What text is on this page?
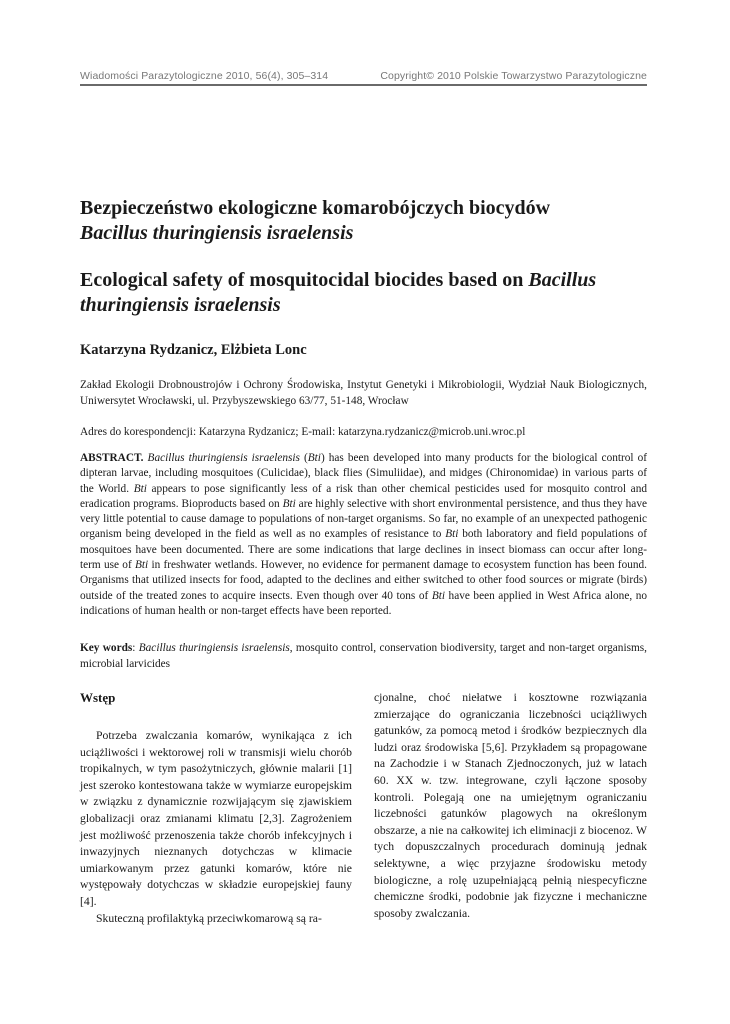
Wiadomości Parazytologiczne 2010, 56(4), 305–314	Copyright© 2010 Polskie Towarzystwo Parazytologiczne
Bezpieczeństwo ekologiczne komarobójczych biocydów
Bacillus thuringiensis israelensis
Ecological safety of mosquitocidal biocides based on Bacillus
thuringiensis israelensis
Katarzyna Rydzanicz, Elżbieta Lonc
Zakład Ekologii Drobnoustrojów i Ochrony Środowiska, Instytut Genetyki i Mikrobiologii, Wydział Nauk Biologicznych, Uniwersytet Wrocławski, ul. Przybyszewskiego 63/77, 51-148, Wrocław
Adres do korespondencji: Katarzyna Rydzanicz; E-mail: katarzyna.rydzanicz@microb.uni.wroc.pl
ABSTRACT. Bacillus thuringiensis israelensis (Bti) has been developed into many products for the biological control of dipteran larvae, including mosquitoes (Culicidae), black flies (Simuliidae), and midges (Chironomidae) in various parts of the World. Bti appears to pose significantly less of a risk than other chemical pesticides used for mosquito control and eradication programs. Bioproducts based on Bti are highly selective with short environmental persistence, and thus they have very little potential to cause damage to populations of non-target organisms. So far, no example of an unexpected pathogenic organism being developed in the field as well as no examples of resistance to Bti both laboratory and field populations of mosquitoes have been documented. There are some indications that large declines in insect biomass can occur after long-term use of Bti in freshwater wetlands. However, no evidence for permanent damage to ecosystem function has been found. Organisms that utilized insects for food, adapted to the declines and either switched to other food sources or migrate (birds) outside of the treated zones to acquire insects. Even though over 40 tons of Bti have been applied in West Africa alone, no indications of human health or non-target effects have been reported.
Key words: Bacillus thuringiensis israelensis, mosquito control, conservation biodiversity, target and non-target organisms, microbial larvicides
Wstęp

Potrzeba zwalczania komarów, wynikająca z ich uciążliwości i wektorowej roli w transmisji wielu chorób tropikalnych, w tym pasożytniczych, głównie malarii [1] jest szeroko kontestowana także w wymiarze europejskim w związku z dynamicznie rozwijającym się zjawiskiem globalizacji oraz zmianami klimatu [2,3]. Zagrożeniem jest możliwość przenoszenia także chorób infekcyjnych i inwazyjnych nieznanych dotychczas w klimacie umiarkowanym przez gatunki komarów, które nie występowały dotychczas w składzie europejskiej fauny [4].

Skuteczną profilaktyką przeciwkomarową są ra-

cjonalne, choć niełatwe i kosztowne rozwiązania zmierzające do ograniczania liczebności uciążliwych gatunków, za pomocą metod i środków bezpiecznych dla ludzi oraz środowiska [5,6]. Przykładem są propagowane na Zachodzie i w Stanach Zjednoczonych, już w latach 60. XX w. tzw. integrowane, czyli łączone sposoby kontroli. Polegają one na umiejętnym ograniczaniu liczebności gatunków plagowych na określonym obszarze, a nie na całkowitej ich eliminacji z biocenoz. W tych dopuszczalnych procedurach dominują jednak selektywne, a więc przyjazne środowisku metody biologiczne, a rolę uzupełniającą pełnią niespecyficzne chemiczne środki, podobnie jak fizyczne i mechaniczne sposoby zwalczania.
